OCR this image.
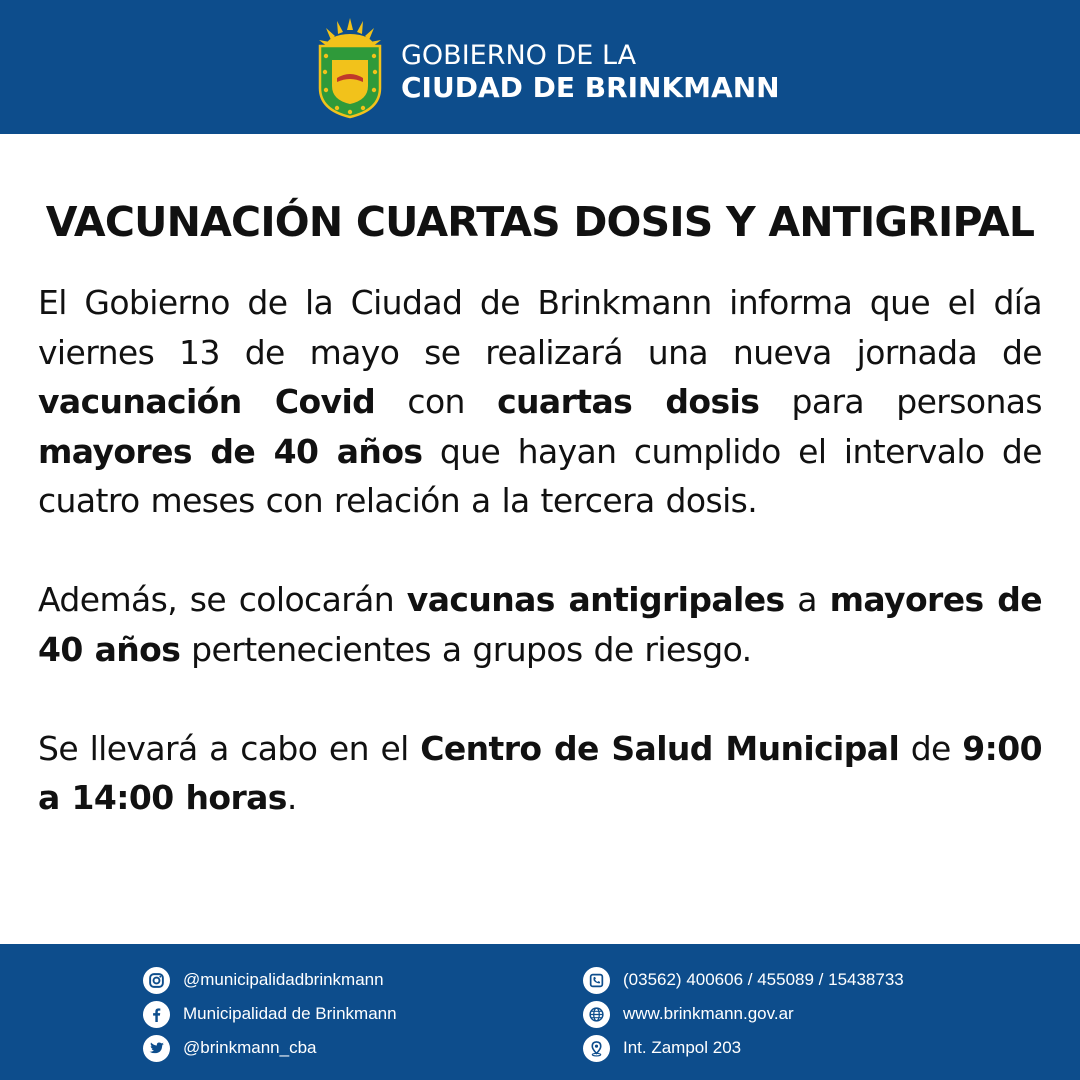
GOBIERNO DE LA
CIUDAD DE BRINKMANN
VACUNACIÓN CUARTAS DOSIS Y ANTIGRIPAL

El Gobierno de la Ciudad de Brinkmann informa que el día viernes 13 de mayo se realizará una nueva jornada de vacunación Covid con cuartas dosis para personas mayores de 40 años que hayan cumplido el intervalo de cuatro meses con relación a la tercera dosis.

Además, se colocarán vacunas antigripales a mayores de 40 años pertenecientes a grupos de riesgo.

Se llevará a cabo en el Centro de Salud Municipal de 9:00 a 14:00 horas.

@municipalidadbrinkmann
Municipalidad de Brinkmann
@brinkmann_cba
(03562) 400606 / 455089 / 15438733
www.brinkmann.gov.ar
Int. Zampol 203
